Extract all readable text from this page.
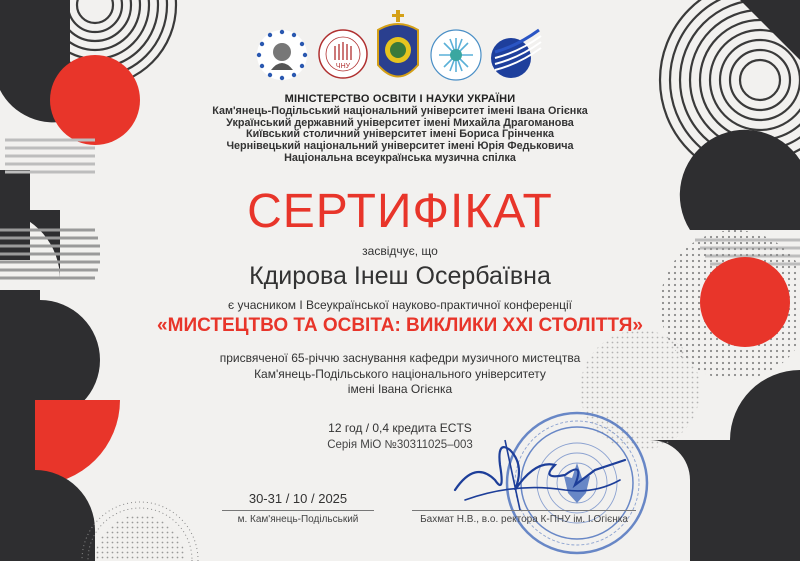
ЧНУ
МІНІСТЕРСТВО ОСВІТИ І НАУКИ УКРАЇНИ
Кам'янець-Подільський національний університет імені Івана Огієнка
Український державний університет імені Михайла Драгоманова
Київський столичний університет імені Бориса Грінченка
Чернівецький національний університет імені Юрія Федьковича
Національна всеукраїнська музична спілка
СЕРТИФІКАТ
засвідчує, що
Кдирова Інеш Осербаївна
є учасником І Всеукраїнської науково-практичної конференції
«МИСТЕЦТВО ТА ОСВІТА: ВИКЛИКИ ХХІ СТОЛІТТЯ»
присвяченої 65-річчю заснування кафедри музичного мистецтва
Кам'янець-Подільського національного університету
імені Івана Огієнка
12 год / 0,4 кредита ECTS
Серія МіО №30311025–003
30-31 / 10 / 2025
м. Кам'янець-Подільський	Бахмат Н.В., в.о. ректора К-ПНУ ім. І.Огієнка
